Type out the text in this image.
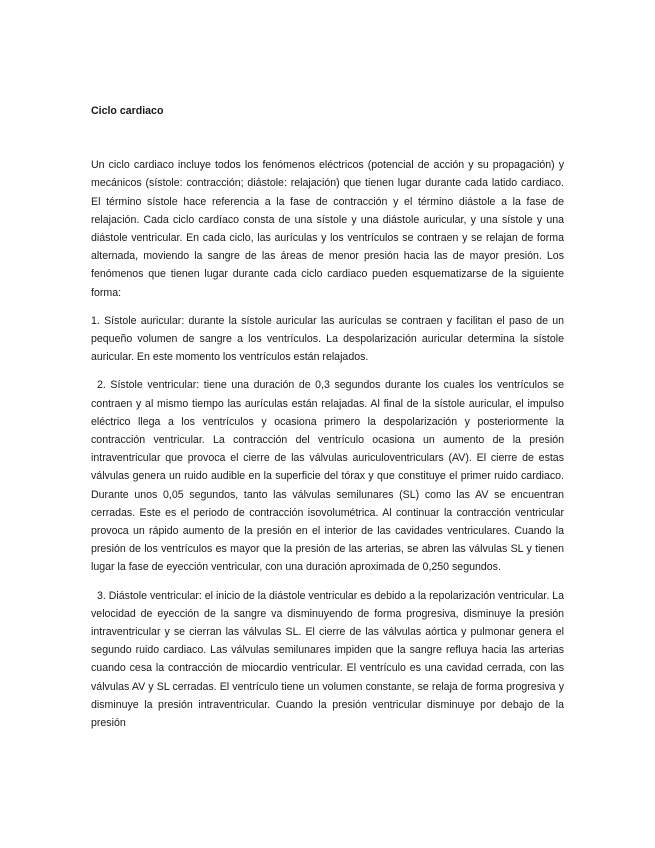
Ciclo cardiaco

Un ciclo cardiaco incluye todos los fenómenos eléctricos (potencial de acción y su propagación) y mecánicos (sístole: contracción; diástole: relajación) que tienen lugar durante cada latido cardiaco. El término sístole hace referencia a la fase de contracción y el término diástole a la fase de relajación. Cada ciclo cardíaco consta de una sístole y una diástole auricular, y una sístole y una diástole ventricular. En cada ciclo, las aurículas y los ventrículos se contraen y se relajan de forma alternada, moviendo la sangre de las áreas de menor presión hacia las de mayor presión. Los fenómenos que tienen lugar durante cada ciclo cardiaco pueden esquematizarse de la siguiente forma:

1. Sístole auricular: durante la sístole auricular las aurículas se contraen y facilitan el paso de un pequeño volumen de sangre a los ventrículos. La despolarización auricular determina la sístole auricular. En este momento los ventrículos están relajados.

2. Sístole ventricular: tiene una duración de 0,3 segundos durante los cuales los ventrículos se contraen y al mismo tiempo las aurículas están relajadas. Al final de la sístole auricular, el impulso eléctrico llega a los ventrículos y ocasiona primero la despolarización y posteriormente la contracción ventricular. La contracción del ventrículo ocasiona un aumento de la presión intraventricular que provoca el cierre de las válvulas auriculoventriculars (AV). El cierre de estas válvulas genera un ruido audible en la superficie del tórax y que constituye el primer ruido cardiaco. Durante unos 0,05 segundos, tanto las válvulas semilunares (SL) como las AV se encuentran cerradas. Este es el periodo de contracción isovolumétrica. Al continuar la contracción ventricular provoca un rápido aumento de la presión en el interior de las cavidades ventriculares. Cuando la presión de los ventrículos es mayor que la presión de las arterias, se abren las válvulas SL y tienen lugar la fase de eyección ventricular, con una duración aproximada de 0,250 segundos.

3. Diástole ventricular: el inicio de la diástole ventricular es debido a la repolarización ventricular. La velocidad de eyección de la sangre va disminuyendo de forma progresiva, disminuye la presión intraventricular y se cierran las válvulas SL. El cierre de las válvulas aórtica y pulmonar genera el segundo ruido cardiaco. Las válvulas semilunares impiden que la sangre refluya hacia las arterias cuando cesa la contracción de miocardio ventricular. El ventrículo es una cavidad cerrada, con las válvulas AV y SL cerradas. El ventrículo tiene un volumen constante, se relaja de forma progresiva y disminuye la presión intraventricular. Cuando la presión ventricular disminuye por debajo de la presión
